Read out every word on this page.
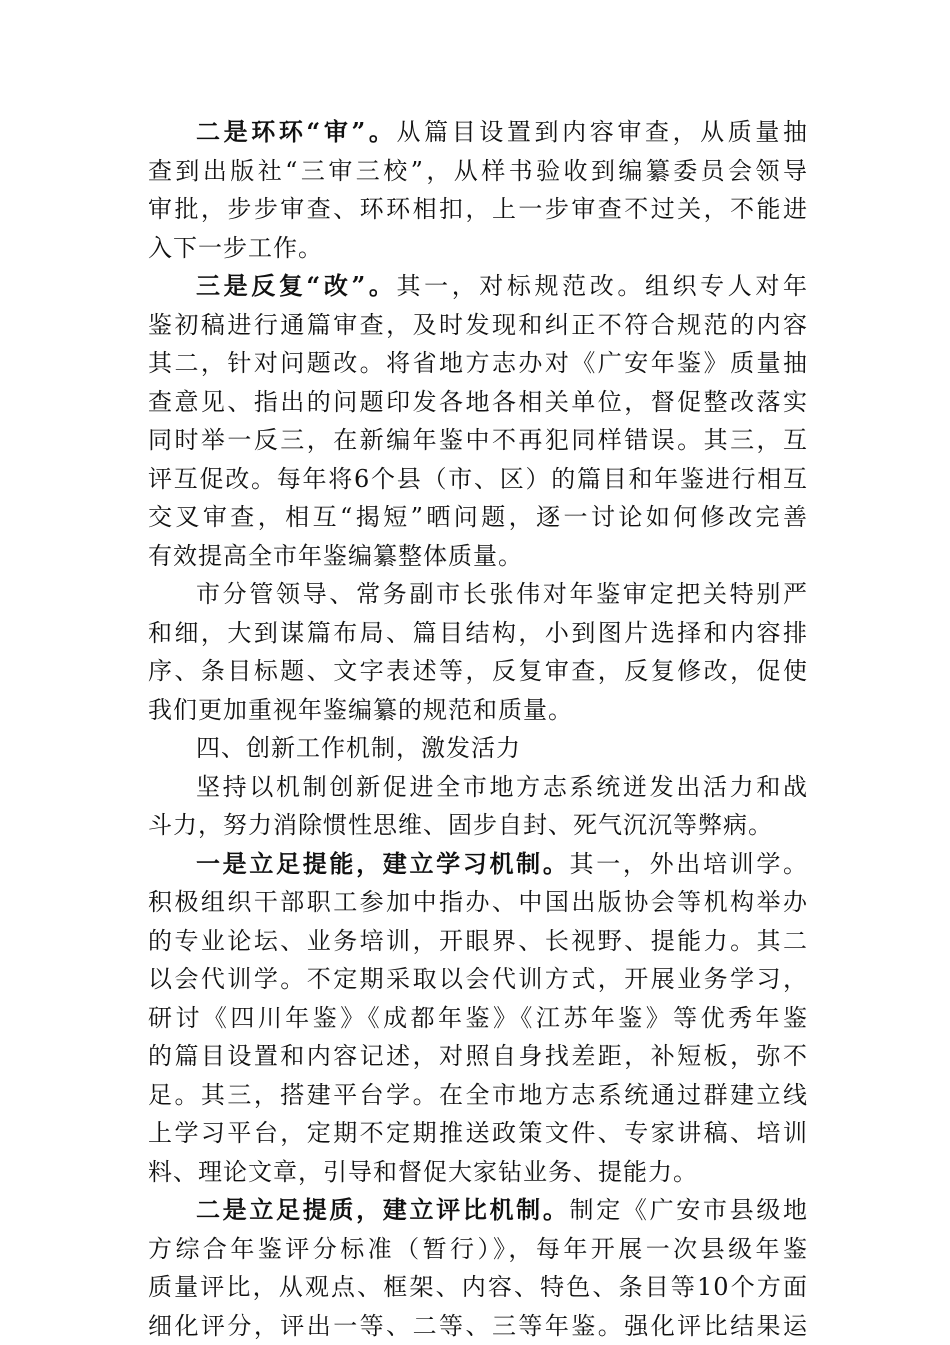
二是环环“审”。从篇目设置到内容审查，从质量抽
查到出版社“三审三校”，从样书验收到编纂委员会领导
审批，步步审查、环环相扣，上一步审查不过关，不能进
入下一步工作。
三是反复“改”。其一，对标规范改。组织专人对年
鉴初稿进行通篇审查，及时发现和纠正不符合规范的内容
其二，针对问题改。将省地方志办对《广安年鉴》质量抽
查意见、指出的问题印发各地各相关单位，督促整改落实
同时举一反三，在新编年鉴中不再犯同样错误。其三，互
评互促改。每年将6个县（市、区）的篇目和年鉴进行相互
交叉审查，相互“揭短”晒问题，逐一讨论如何修改完善
有效提高全市年鉴编纂整体质量。
市分管领导、常务副市长张伟对年鉴审定把关特别严
和细，大到谋篇布局、篇目结构，小到图片选择和内容排
序、条目标题、文字表述等，反复审查，反复修改，促使
我们更加重视年鉴编纂的规范和质量。
四、创新工作机制，激发活力
坚持以机制创新促进全市地方志系统迸发出活力和战
斗力，努力消除惯性思维、固步自封、死气沉沉等弊病。
一是立足提能，建立学习机制。其一，外出培训学。
积极组织干部职工参加中指办、中国出版协会等机构举办
的专业论坛、业务培训，开眼界、长视野、提能力。其二
以会代训学。不定期采取以会代训方式，开展业务学习，
研讨《四川年鉴》《成都年鉴》《江苏年鉴》等优秀年鉴
的篇目设置和内容记述，对照自身找差距，补短板，弥不
足。其三，搭建平台学。在全市地方志系统通过群建立线
上学习平台，定期不定期推送政策文件、专家讲稿、培训
料、理论文章，引导和督促大家钻业务、提能力。
二是立足提质，建立评比机制。制定《广安市县级地
方综合年鉴评分标准（暂行）》，每年开展一次县级年鉴
质量评比，从观点、框架、内容、特色、条目等10个方面
细化评分，评出一等、二等、三等年鉴。强化评比结果运
